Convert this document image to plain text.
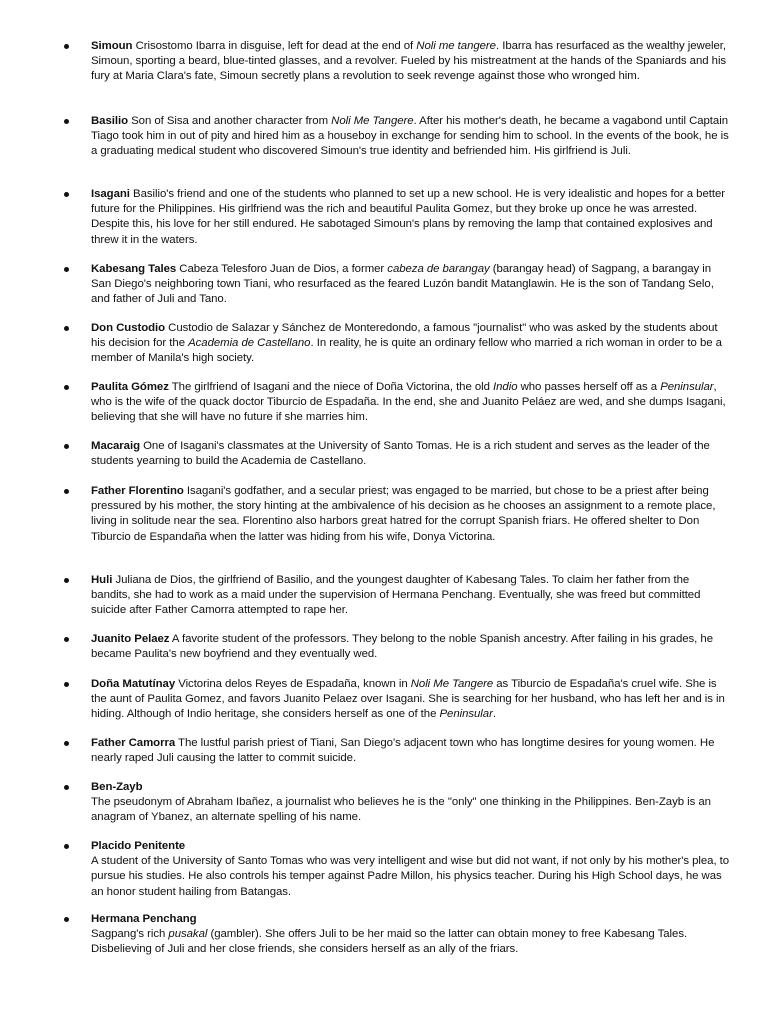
Simoun Crisostomo Ibarra in disguise, left for dead at the end of Noli me tangere. Ibarra has resurfaced as the wealthy jeweler, Simoun, sporting a beard, blue-tinted glasses, and a revolver. Fueled by his mistreatment at the hands of the Spaniards and his fury at Maria Clara's fate, Simoun secretly plans a revolution to seek revenge against those who wronged him.
Basilio Son of Sisa and another character from Noli Me Tangere. After his mother's death, he became a vagabond until Captain Tiago took him in out of pity and hired him as a houseboy in exchange for sending him to school. In the events of the book, he is a graduating medical student who discovered Simoun's true identity and befriended him. His girlfriend is Juli.
Isagani Basilio's friend and one of the students who planned to set up a new school. He is very idealistic and hopes for a better future for the Philippines. His girlfriend was the rich and beautiful Paulita Gomez, but they broke up once he was arrested. Despite this, his love for her still endured. He sabotaged Simoun's plans by removing the lamp that contained explosives and threw it in the waters.
Kabesang Tales Cabeza Telesforo Juan de Dios, a former cabeza de barangay (barangay head) of Sagpang, a barangay in San Diego's neighboring town Tiani, who resurfaced as the feared Luzón bandit Matanglawin. He is the son of Tandang Selo, and father of Juli and Tano.
Don Custodio Custodio de Salazar y Sánchez de Monteredondo, a famous "journalist" who was asked by the students about his decision for the Academia de Castellano. In reality, he is quite an ordinary fellow who married a rich woman in order to be a member of Manila's high society.
Paulita Gómez The girlfriend of Isagani and the niece of Doña Victorina, the old Indio who passes herself off as a Peninsular, who is the wife of the quack doctor Tiburcio de Espadaña. In the end, she and Juanito Peláez are wed, and she dumps Isagani, believing that she will have no future if she marries him.
Macaraig One of Isagani's classmates at the University of Santo Tomas. He is a rich student and serves as the leader of the students yearning to build the Academia de Castellano.
Father Florentino Isagani's godfather, and a secular priest; was engaged to be married, but chose to be a priest after being pressured by his mother, the story hinting at the ambivalence of his decision as he chooses an assignment to a remote place, living in solitude near the sea. Florentino also harbors great hatred for the corrupt Spanish friars. He offered shelter to Don Tiburcio de Espandaña when the latter was hiding from his wife, Donya Victorina.
Huli Juliana de Dios, the girlfriend of Basilio, and the youngest daughter of Kabesang Tales. To claim her father from the bandits, she had to work as a maid under the supervision of Hermana Penchang. Eventually, she was freed but committed suicide after Father Camorra attempted to rape her.
Juanito Pelaez A favorite student of the professors. They belong to the noble Spanish ancestry. After failing in his grades, he became Paulita's new boyfriend and they eventually wed.
Doña Matutínay Victorina delos Reyes de Espadaña, known in Noli Me Tangere as Tiburcio de Espadaña's cruel wife. She is the aunt of Paulita Gomez, and favors Juanito Pelaez over Isagani. She is searching for her husband, who has left her and is in hiding. Although of Indio heritage, she considers herself as one of the Peninsular.
Father Camorra The lustful parish priest of Tiani, San Diego's adjacent town who has longtime desires for young women. He nearly raped Juli causing the latter to commit suicide.
Ben-Zayb
The pseudonym of Abraham Ibañez, a journalist who believes he is the "only" one thinking in the Philippines. Ben-Zayb is an anagram of Ybanez, an alternate spelling of his name.
Placido Penitente
A student of the University of Santo Tomas who was very intelligent and wise but did not want, if not only by his mother's plea, to pursue his studies. He also controls his temper against Padre Millon, his physics teacher. During his High School days, he was an honor student hailing from Batangas.
Hermana Penchang
Sagpang's rich pusakal (gambler). She offers Juli to be her maid so the latter can obtain money to free Kabesang Tales. Disbelieving of Juli and her close friends, she considers herself as an ally of the friars.
